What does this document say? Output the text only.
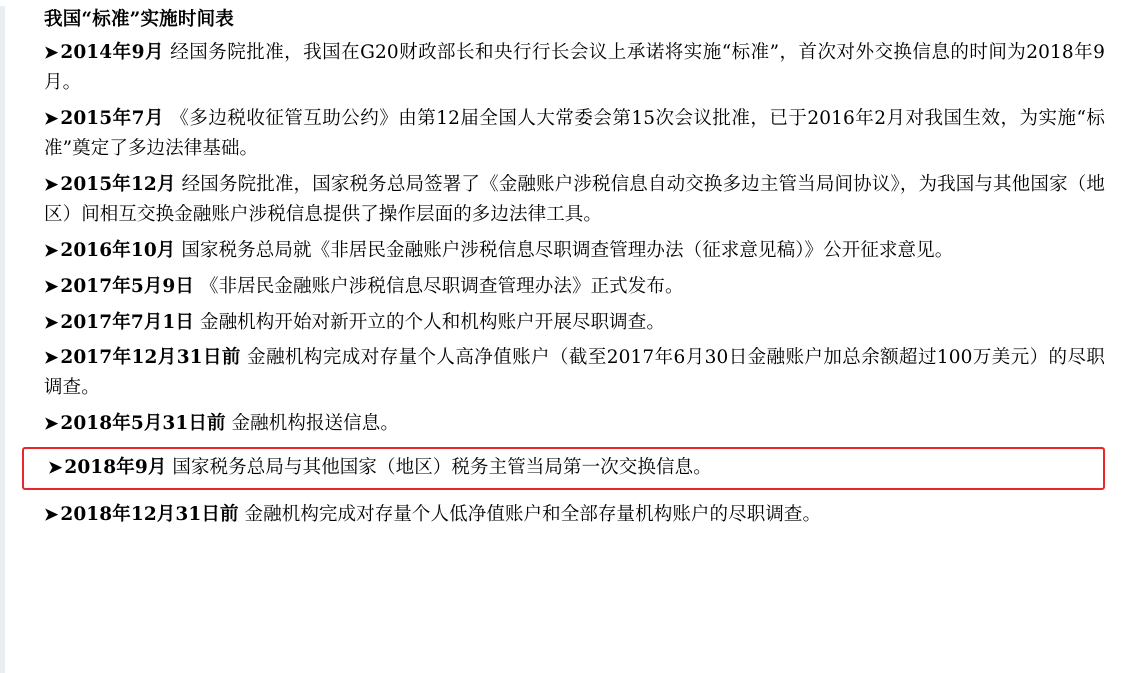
我国“标准”实施时间表
➤ 2014年9月 经国务院批准，我国在G20财政部长和央行行长会议上承诺将实施“标准”，首次对外交换信息的时间为2018年9月。
➤ 2015年7月 《多边税收征管互助公约》由第12届全国人大常委会第15次会议批准，已于2016年2月对我国生效，为实施“标准”奠定了多边法律基础。
➤ 2015年12月 经国务院批准，国家税务总局签署了《金融账户涉税信息自动交换多边主管当局间协议》，为我国与其他国家（地区）间相互交换金融账户涉税信息提供了操作层面的多边法律工具。
➤ 2016年10月 国家税务总局就《非居民金融账户涉税信息尽职调查管理办法（征求意见稿）》公开征求意见。
➤ 2017年5月9日 《非居民金融账户涉税信息尽职调查管理办法》正式发布。
➤ 2017年7月1日 金融机构开始对新开立的个人和机构账户开展尽职调查。
➤ 2017年12月31日前 金融机构完成对存量个人高净值账户（截至2017年6月30日金融账户加总余额超过100万美元）的尽职调查。
➤ 2018年5月31日前 金融机构报送信息。
➤ 2018年9月 国家税务总局与其他国家（地区）税务主管当局第一次交换信息。
➤ 2018年12月31日前 金融机构完成对存量个人低净值账户和全部存量机构账户的尽职调查。
